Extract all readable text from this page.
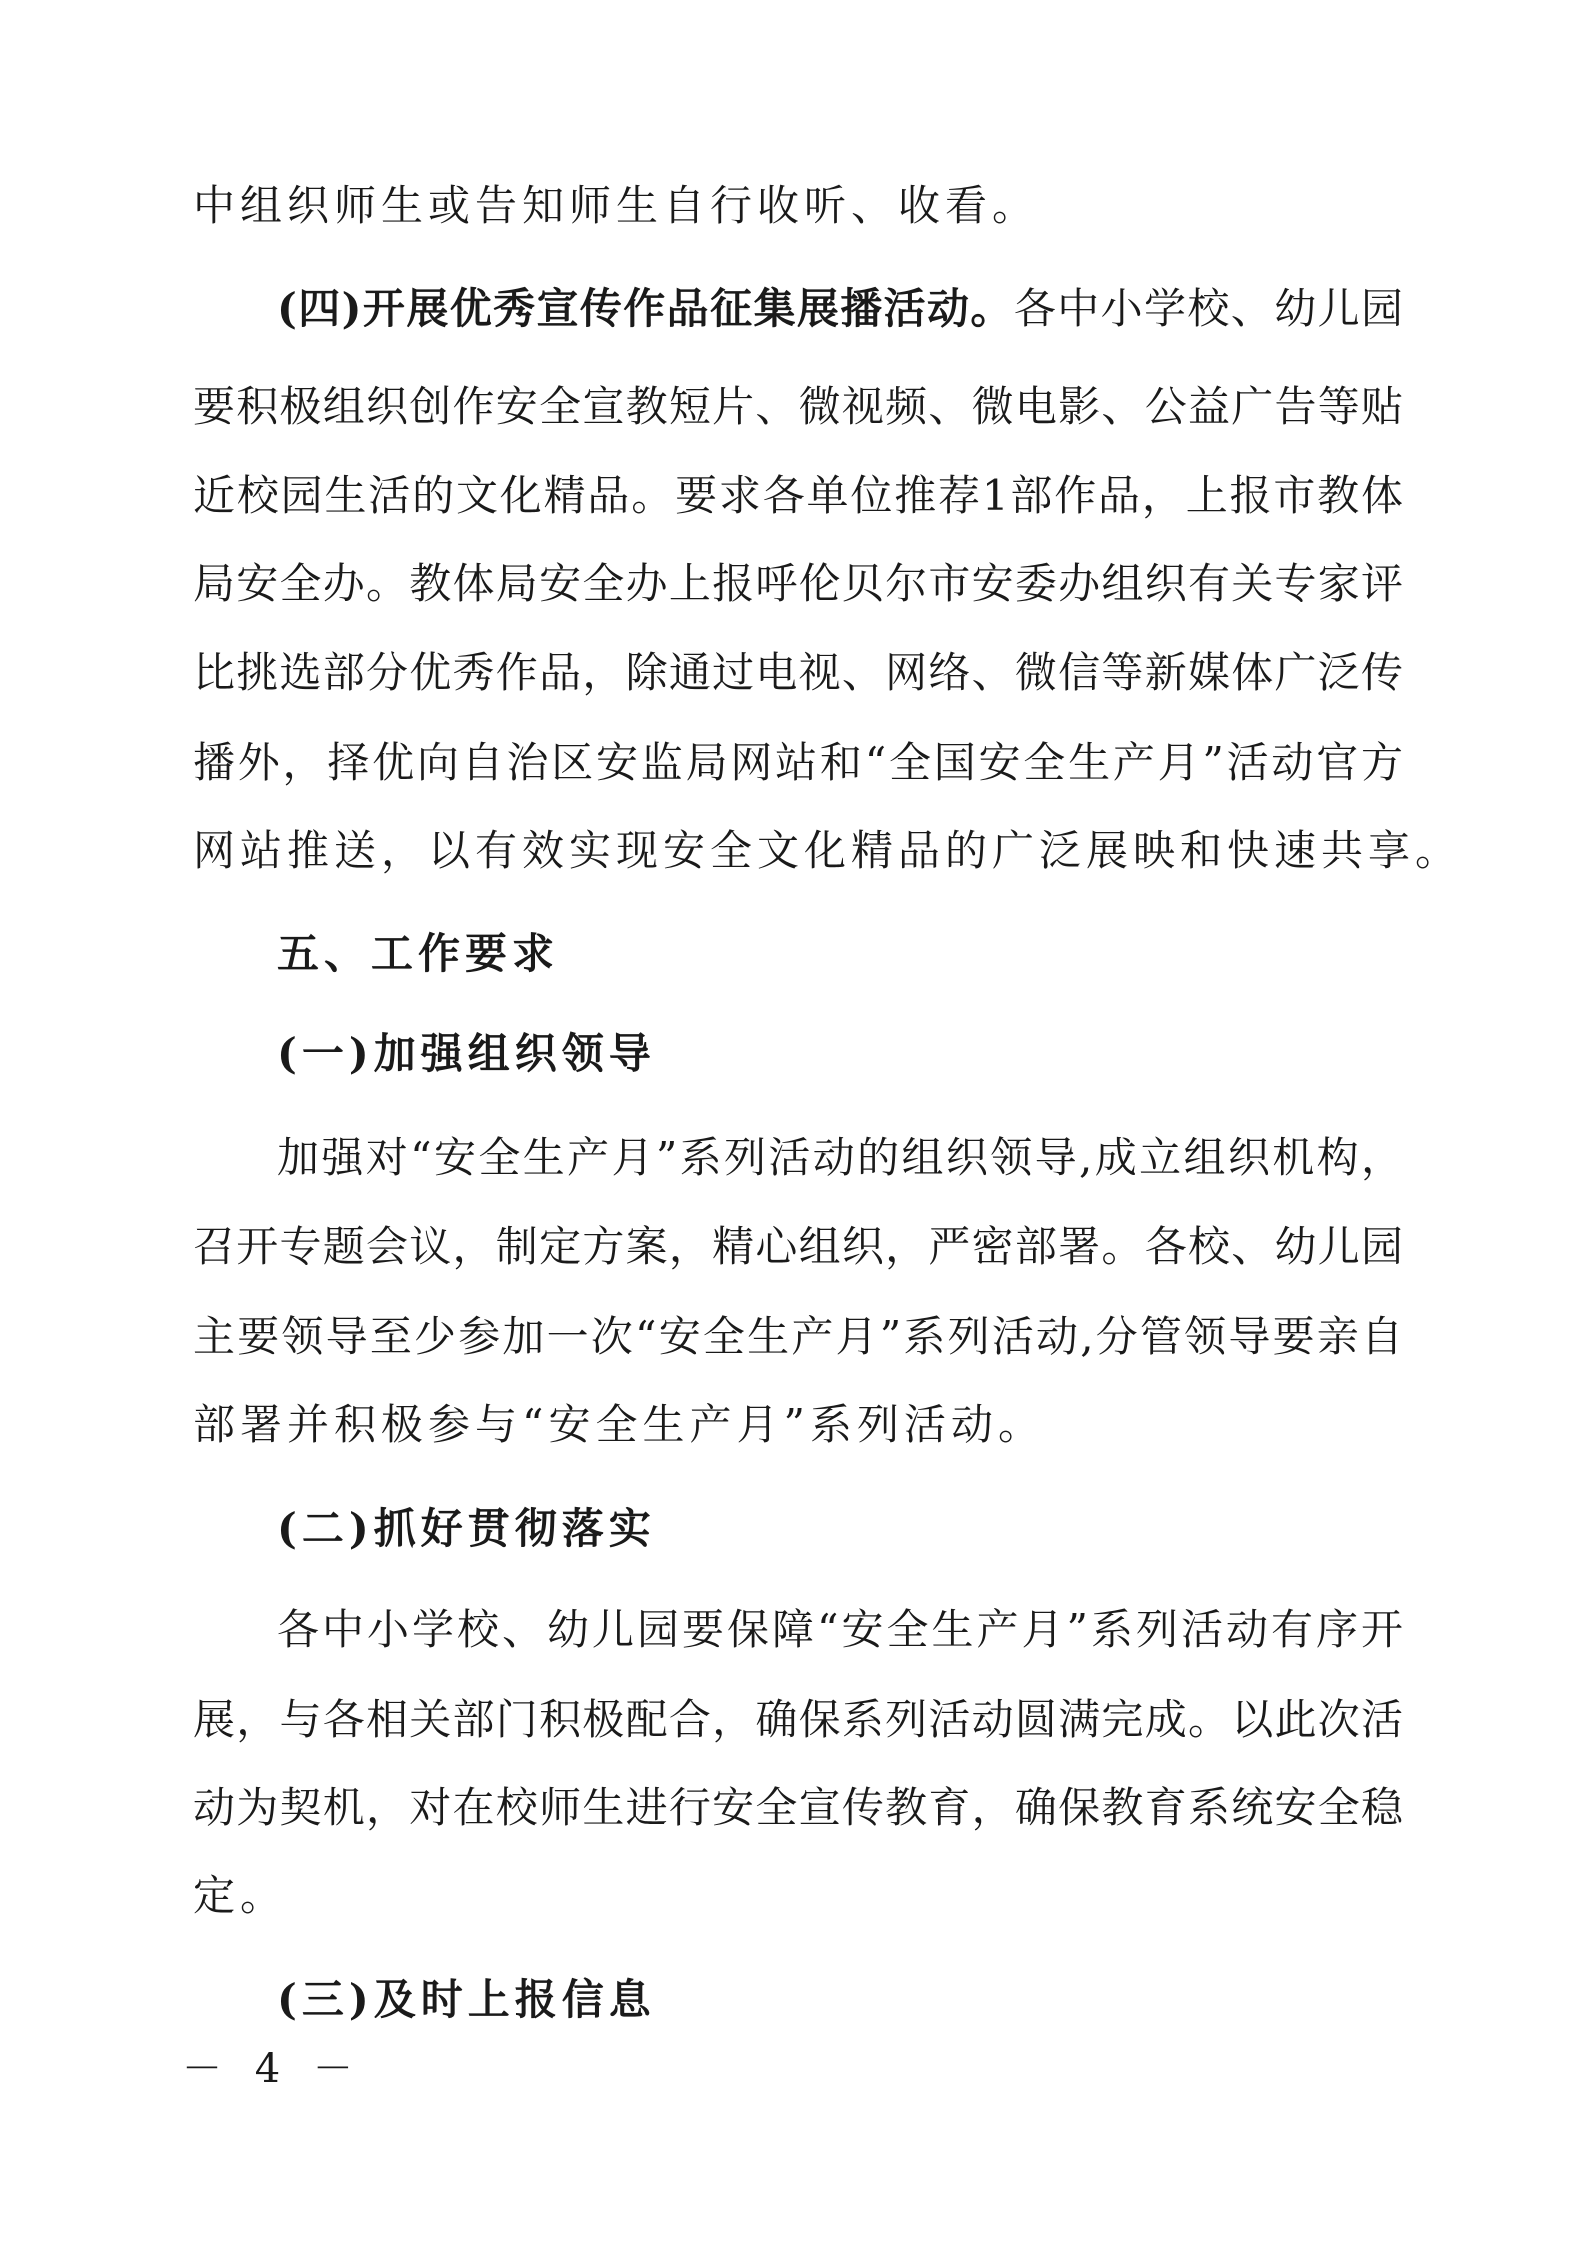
中组织师生或告知师生自行收听、收看。
(四)开展优秀宣传作品征集展播活动。各中小学校、幼儿园
要积极组织创作安全宣教短片、微视频、微电影、公益广告等贴
近校园生活的文化精品。要求各单位推荐1部作品，上报市教体
局安全办。教体局安全办上报呼伦贝尔市安委办组织有关专家评
比挑选部分优秀作品，除通过电视、网络、微信等新媒体广泛传
播外，择优向自治区安监局网站和“全国安全生产月”活动官方
网站推送，以有效实现安全文化精品的广泛展映和快速共享。
五、工作要求
(一)加强组织领导
加强对“安全生产月”系列活动的组织领导,成立组织机构，
召开专题会议，制定方案，精心组织，严密部署。各校、幼儿园
主要领导至少参加一次“安全生产月”系列活动,分管领导要亲自
部署并积极参与“安全生产月”系列活动。
(二)抓好贯彻落实
各中小学校、幼儿园要保障“安全生产月”系列活动有序开
展，与各相关部门积极配合，确保系列活动圆满完成。以此次活
动为契机，对在校师生进行安全宣传教育，确保教育系统安全稳
定。
(三)及时上报信息
－ 4 －
